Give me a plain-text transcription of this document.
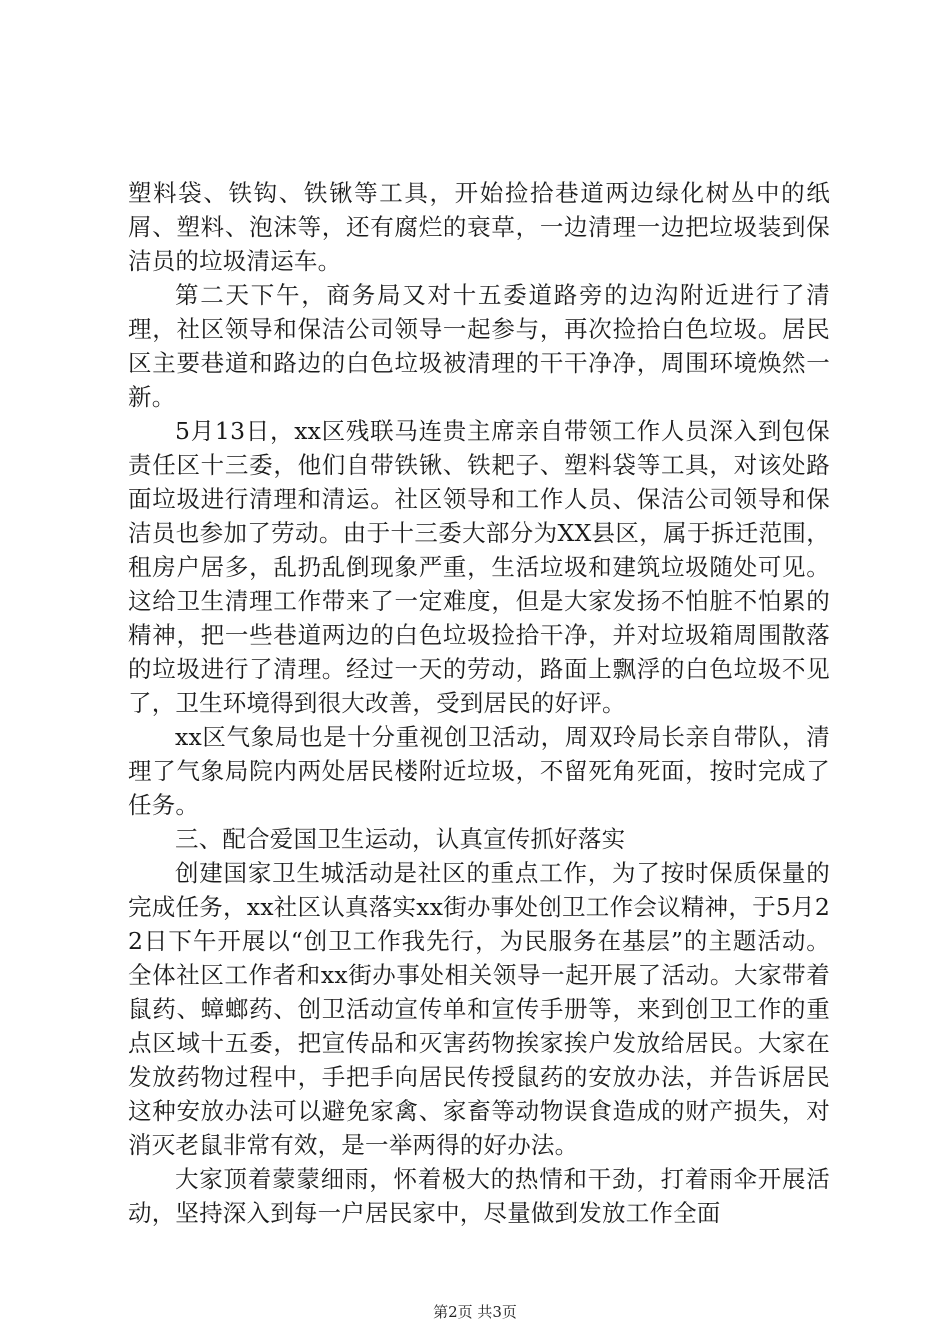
塑料袋、铁钩、铁锹等工具，开始捡拾巷道两边绿化树丛中的纸屑、塑料、泡沫等，还有腐烂的衰草，一边清理一边把垃圾装到保洁员的垃圾清运车。

第二天下午，商务局又对十五委道路旁的边沟附近进行了清理，社区领导和保洁公司领导一起参与，再次捡拾白色垃圾。居民区主要巷道和路边的白色垃圾被清理的干干净净，周围环境焕然一新。

5月13日，xx区残联马连贵主席亲自带领工作人员深入到包保责任区十三委，他们自带铁锹、铁耙子、塑料袋等工具，对该处路面垃圾进行清理和清运。社区领导和工作人员、保洁公司领导和保洁员也参加了劳动。由于十三委大部分为XX县区，属于拆迁范围，租房户居多，乱扔乱倒现象严重，生活垃圾和建筑垃圾随处可见。这给卫生清理工作带来了一定难度，但是大家发扬不怕脏不怕累的精神，把一些巷道两边的白色垃圾捡拾干净，并对垃圾箱周围散落的垃圾进行了清理。经过一天的劳动，路面上飘浮的白色垃圾不见了，卫生环境得到很大改善，受到居民的好评。

xx区气象局也是十分重视创卫活动，周双玲局长亲自带队，清理了气象局院内两处居民楼附近垃圾，不留死角死面，按时完成了任务。

三、配合爱国卫生运动，认真宣传抓好落实

创建国家卫生城活动是社区的重点工作，为了按时保质保量的完成任务，xx社区认真落实xx街办事处创卫工作会议精神，于5月22日下午开展以“创卫工作我先行，为民服务在基层”的主题活动。全体社区工作者和xx街办事处相关领导一起开展了活动。大家带着鼠药、蟑螂药、创卫活动宣传单和宣传手册等，来到创卫工作的重点区域十五委，把宣传品和灭害药物挨家挨户发放给居民。大家在发放药物过程中，手把手向居民传授鼠药的安放办法，并告诉居民这种安放办法可以避免家禽、家畜等动物误食造成的财产损失，对消灭老鼠非常有效，是一举两得的好办法。

大家顶着蒙蒙细雨，怀着极大的热情和干劲，打着雨伞开展活动，坚持深入到每一户居民家中，尽量做到发放工作全面

第2页 共3页
